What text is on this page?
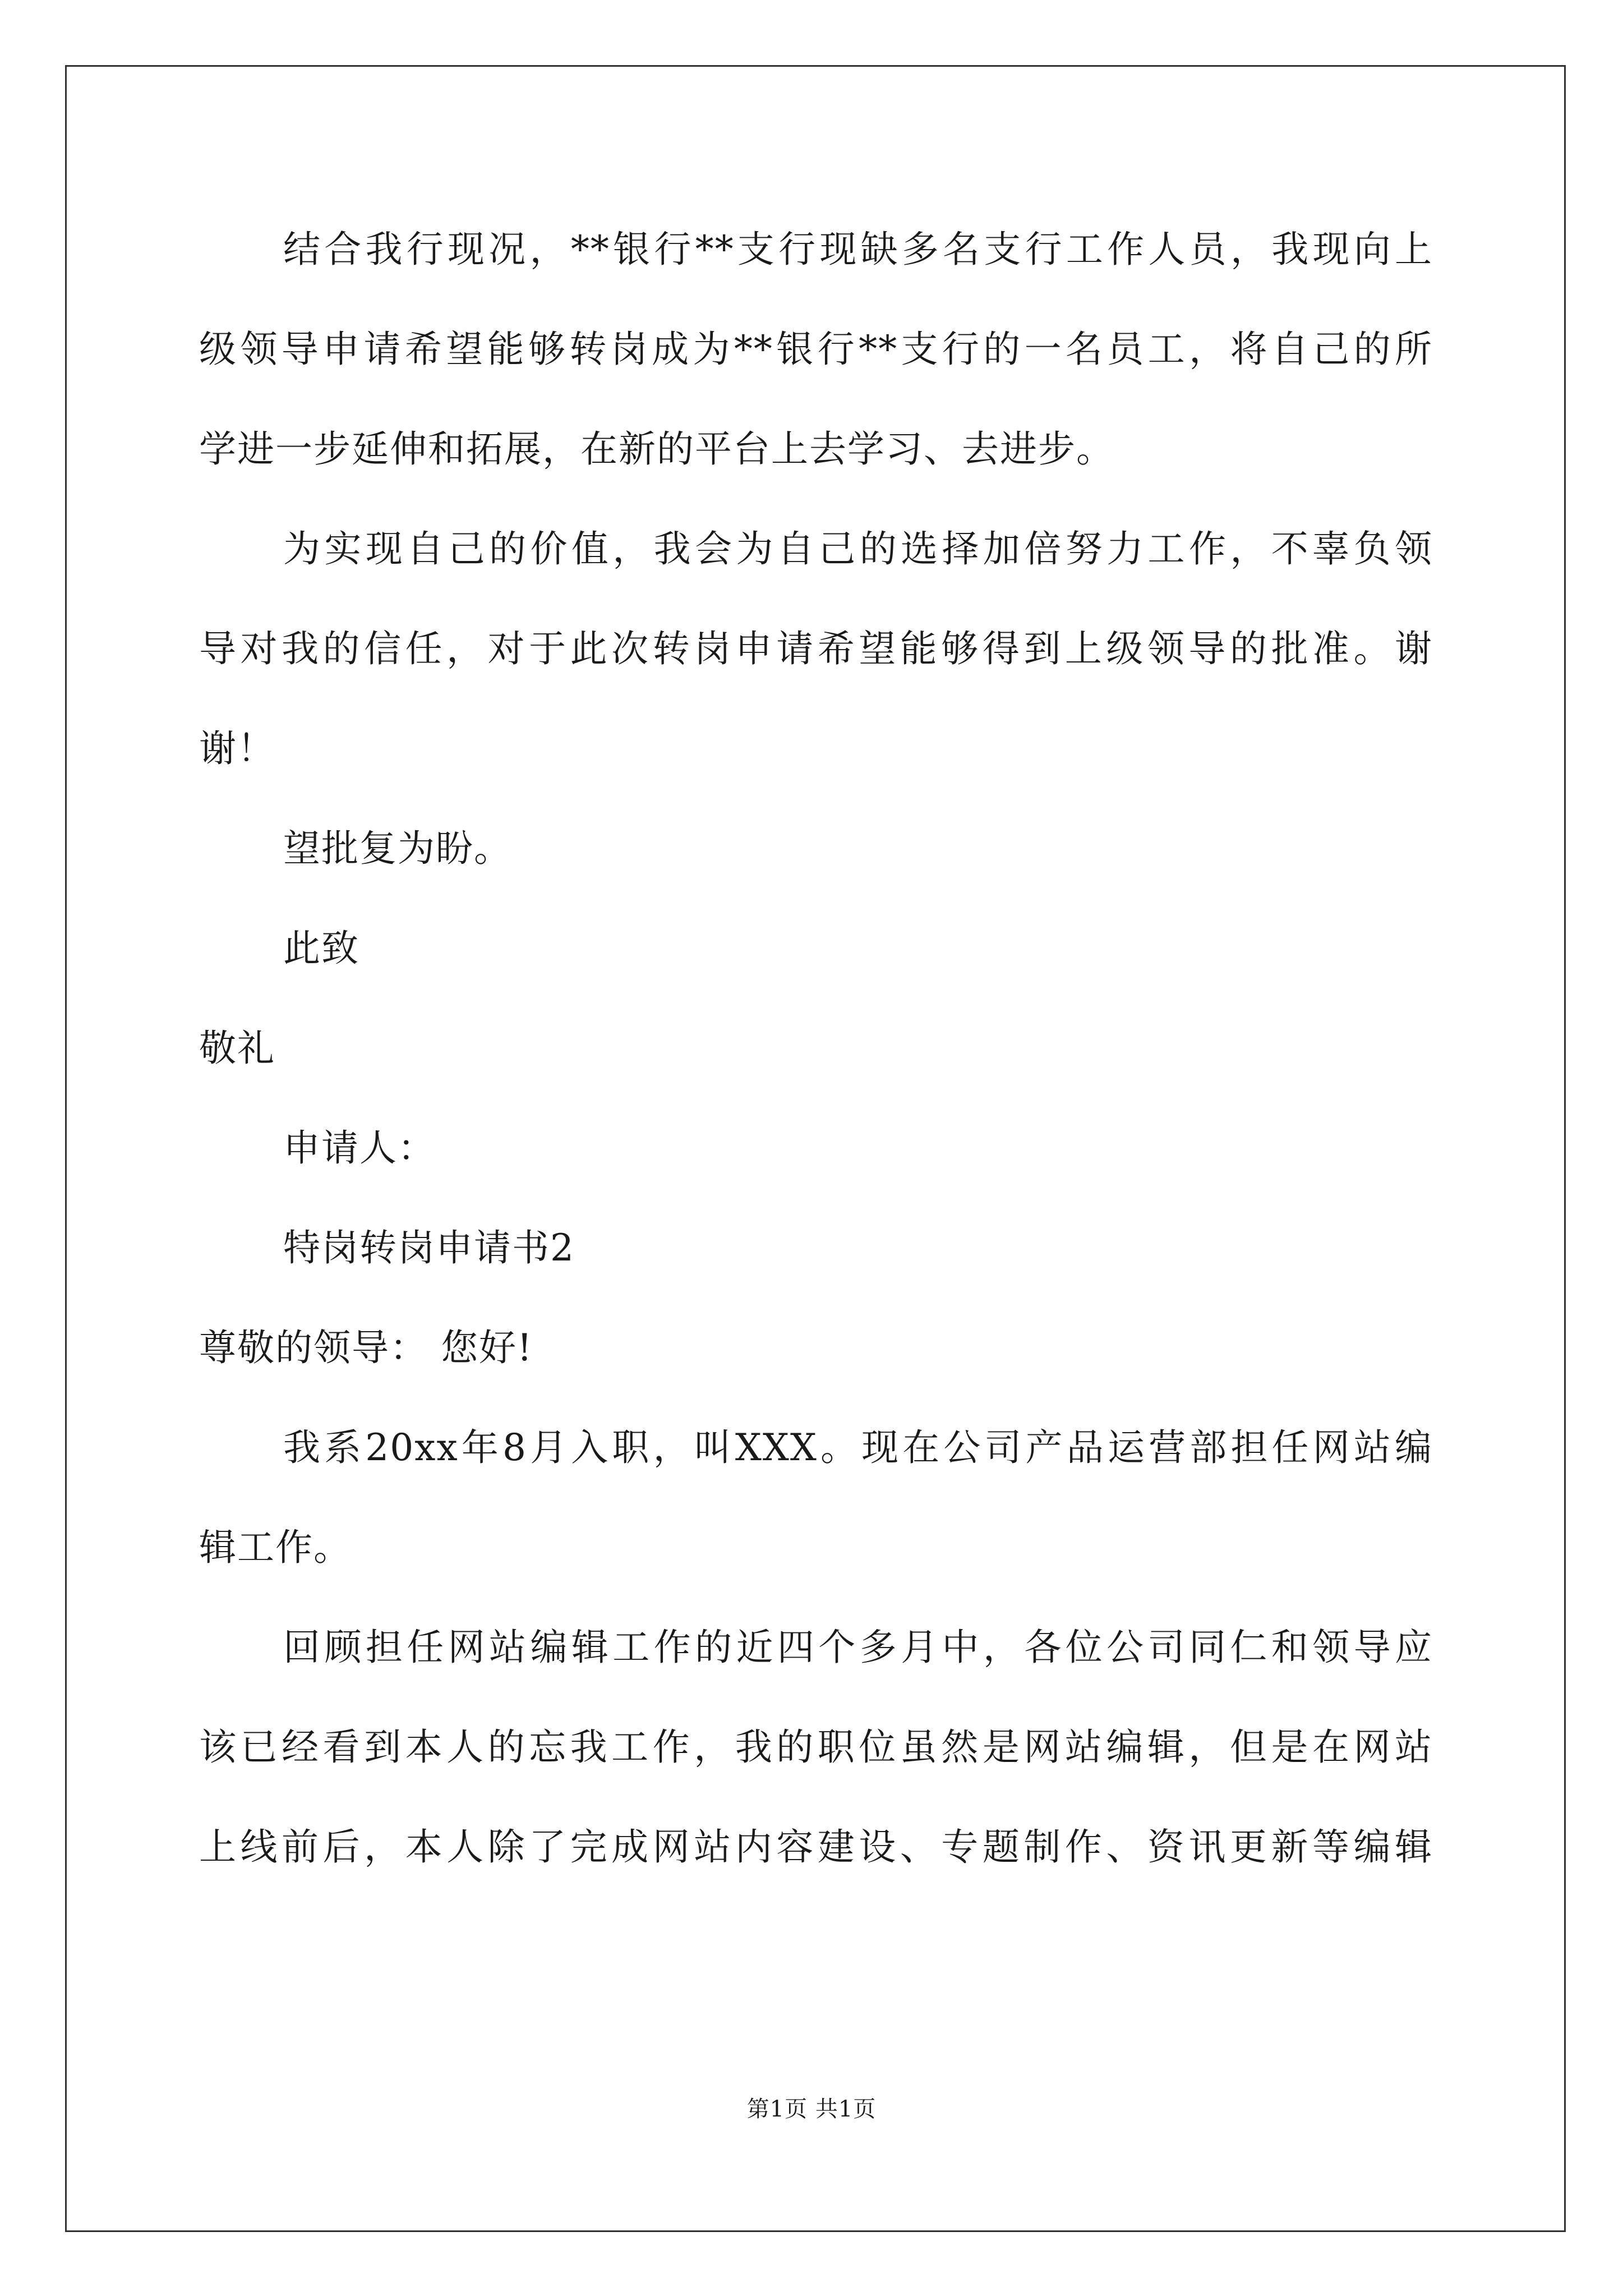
结合我行现况，**银行**支行现缺多名支行工作人员，我现向上
级领导申请希望能够转岗成为**银行**支行的一名员工，将自己的所
学进一步延伸和拓展，在新的平台上去学习、去进步。
为实现自己的价值，我会为自己的选择加倍努力工作，不辜负领
导对我的信任，对于此次转岗申请希望能够得到上级领导的批准。谢
谢！
望批复为盼。
此致
敬礼
申请人：
特岗转岗申请书2
尊敬的领导： 您好!
我系20xx年8月入职，叫XXX。现在公司产品运营部担任网站编
辑工作。
回顾担任网站编辑工作的近四个多月中，各位公司同仁和领导应
该已经看到本人的忘我工作，我的职位虽然是网站编辑，但是在网站
上线前后，本人除了完成网站内容建设、专题制作、资讯更新等编辑
第1页 共1页
